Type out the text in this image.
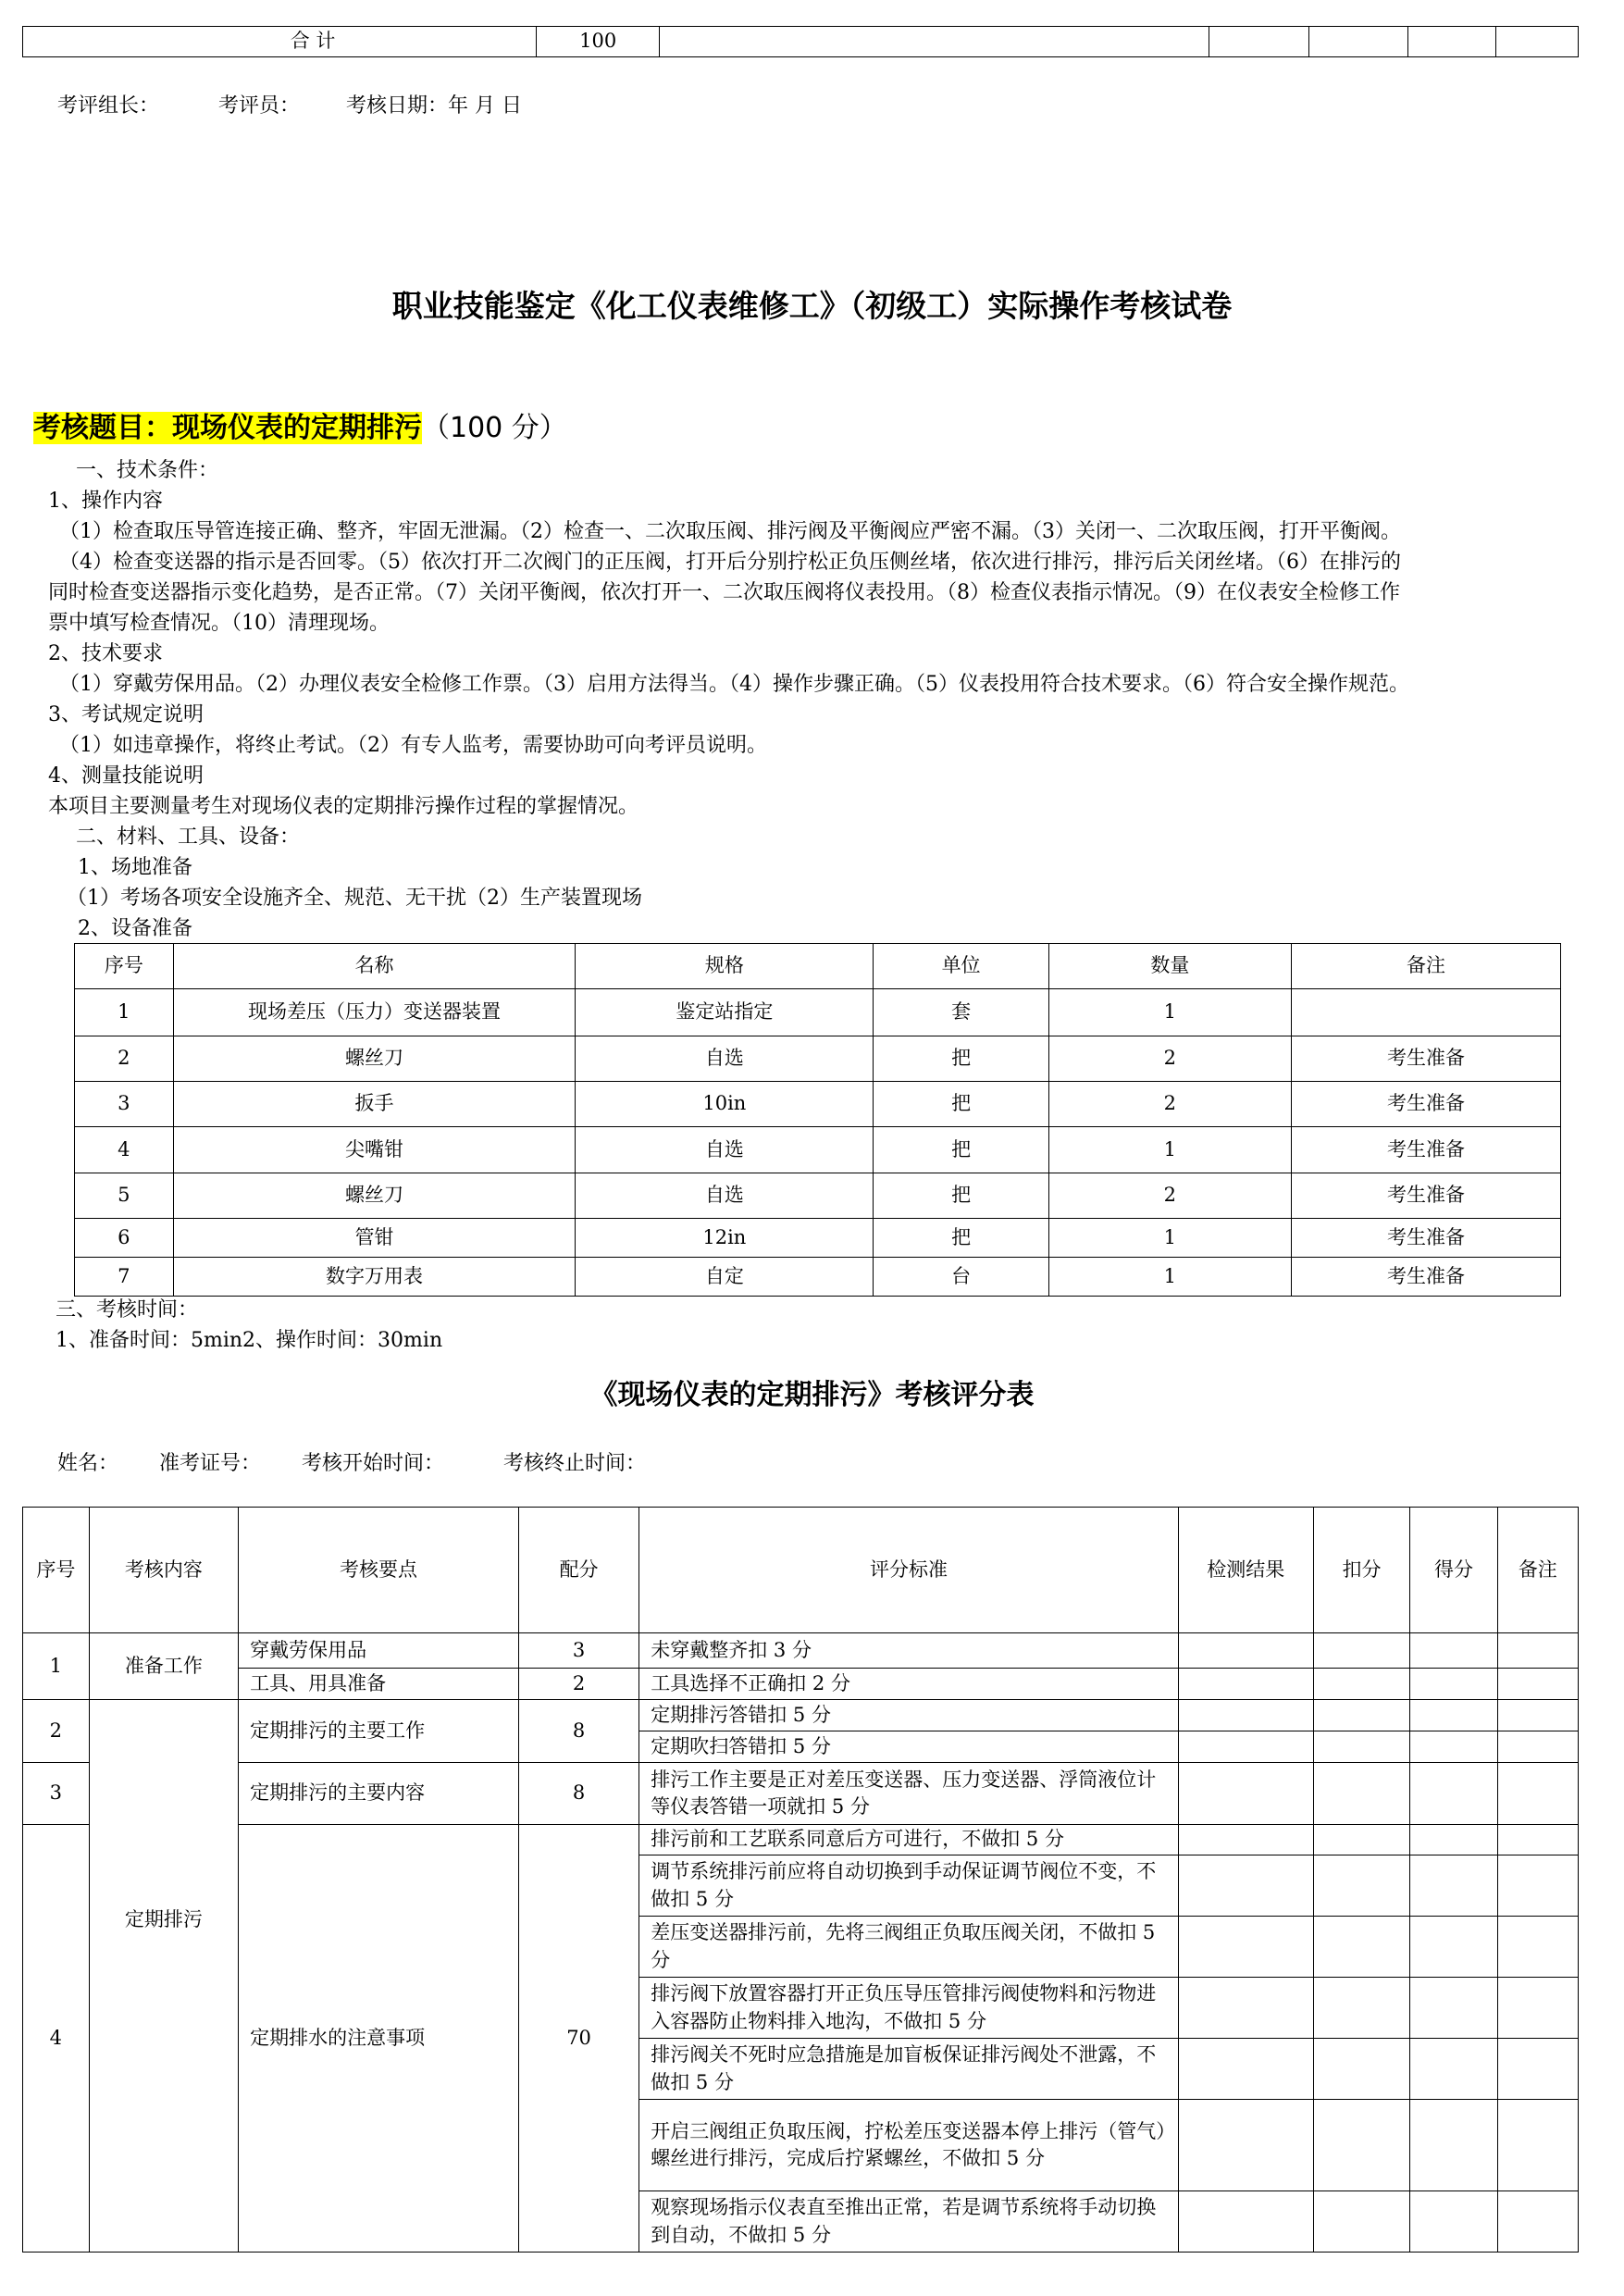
	合 计	100					
考评组长：	考评员： 考核日期：年 月 日
职业技能鉴定《化工仪表维修工》（初级工）实际操作考核试卷
考核题目：现场仪表的定期排污（100 分）
一、技术条件：
1、操作内容
（1）检查取压导管连接正确、整齐，牢固无泄漏。（2）检查一、二次取压阀、排污阀及平衡阀应严密不漏。（3）关闭一、二次取压阀，打开平衡阀。
（4）检查变送器的指示是否回零。（5）依次打开二次阀门的正压阀，打开后分别拧松正负压侧丝堵，依次进行排污，排污后关闭丝堵。（6）在排污的
同时检查变送器指示变化趋势，是否正常。（7）关闭平衡阀，依次打开一、二次取压阀将仪表投用。（8）检查仪表指示情况。（9）在仪表安全检修工作
票中填写检查情况。（10）清理现场。
2、技术要求
（1）穿戴劳保用品。（2）办理仪表安全检修工作票。（3）启用方法得当。（4）操作步骤正确。（5）仪表投用符合技术要求。（6）符合安全操作规范。
3、考试规定说明
（1）如违章操作，将终止考试。（2）有专人监考，需要协助可向考评员说明。
4、测量技能说明
本项目主要测量考生对现场仪表的定期排污操作过程的掌握情况。
二、材料、工具、设备：
1、场地准备
（1）考场各项安全设施齐全、规范、无干扰（2）生产装置现场
2、设备准备
序号	名称	规格	单位	数量	备注
1	现场差压（压力）变送器装置	鉴定站指定	套	1	
2	螺丝刀	自选	把	2	考生准备
3	扳手	10in	把	2	考生准备
4	尖嘴钳	自选	把	1	考生准备
5	螺丝刀	自选	把	2	考生准备
6	管钳	12in	把	1	考生准备
7	数字万用表	自定	台	1	考生准备
三、考核时间：
1、准备时间：5min2、操作时间：30min
《现场仪表的定期排污》考核评分表
姓名： 准考证号： 考核开始时间：	考核终止时间：
序号	考核内容	考核要点	配分	评分标准	检测结果	扣分	得分	备注
1	准备工作	穿戴劳保用品	3	未穿戴整齐扣 3 分				
		工具、用具准备	2	工具选择不正确扣 2 分				
2	定期排污	定期排污的主要工作	8	定期排污答错扣 5 分				
				定期吹扫答错扣 5 分				
3		定期排污的主要内容	8	排污工作主要是正对差压变送器、压力变送器、浮筒液位计等仪表答错一项就扣 5 分				
4		定期排水的注意事项	70	排污前和工艺联系同意后方可进行，不做扣 5 分				
				调节系统排污前应将自动切换到手动保证调节阀位不变，不做扣 5 分				
				差压变送器排污前，先将三阀组正负取压阀关闭，不做扣 5 分				
				排污阀下放置容器打开正负压导压管排污阀使物料和污物进入容器防止物料排入地沟，不做扣 5 分				
				排污阀关不死时应急措施是加盲板保证排污阀处不泄露，不做扣 5 分				
				开启三阀组正负取压阀，拧松差压变送器本停上排污（管气）螺丝进行排污，完成后拧紧螺丝，不做扣 5 分				
				观察现场指示仪表直至推出正常，若是调节系统将手动切换到自动，不做扣 5 分				
